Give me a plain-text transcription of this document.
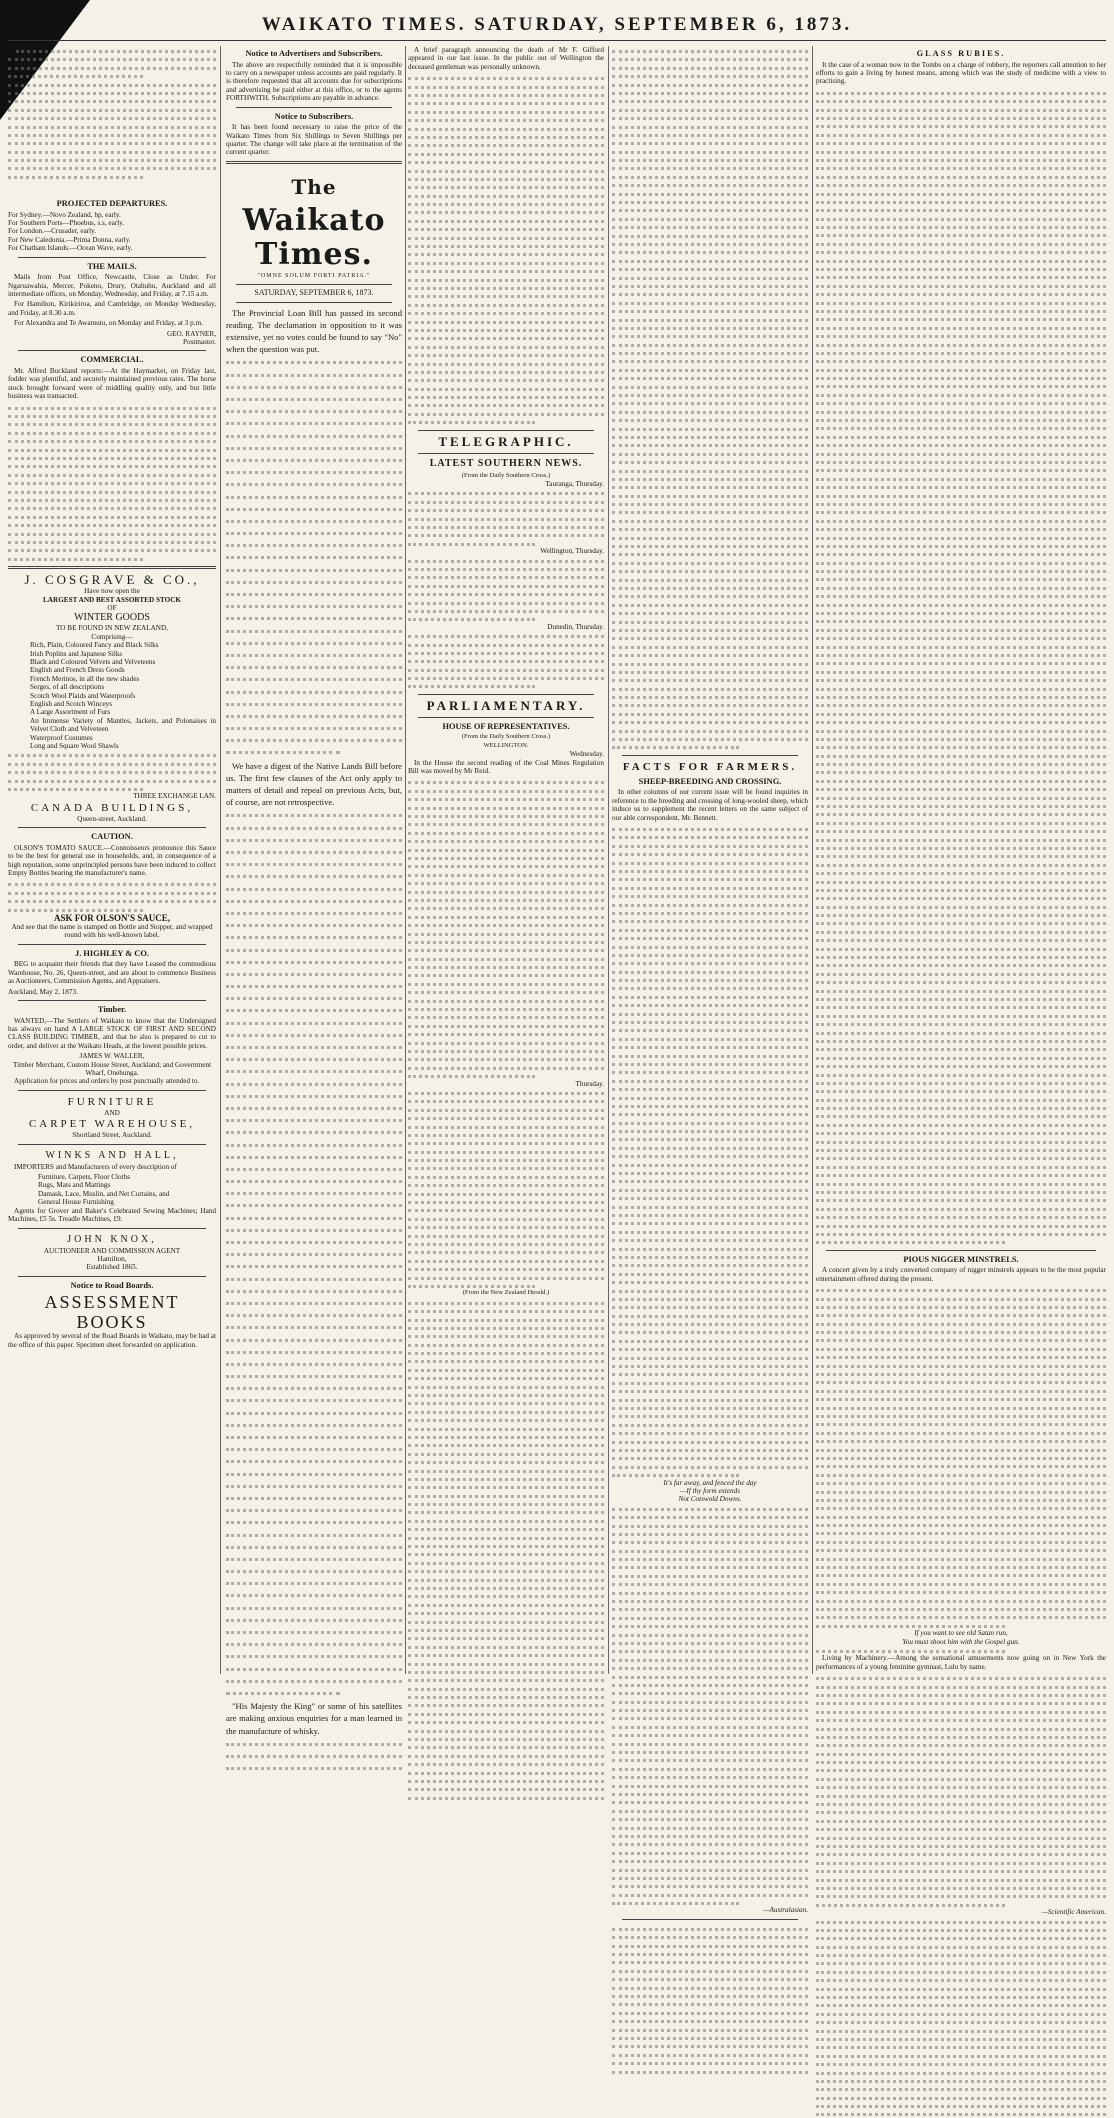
WAIKATO TIMES. SATURDAY, SEPTEMBER 6, 1873.
PROJECTED DEPARTURES.
For Sydney.—Novo Zealand, hp, early.
For Southern Ports—Phoebus, s.s, early.
For London.—Crusader, early.
For New Caledonia.—Prima Donna, early.
For Chatham Islands.—Ocean Wave, early.
THE MAILS.

Mails from Post Office, Newcastle, Close as Under. For Ngaruawahia, Mercer, Pokeno, Drury, Otahuhu, Auckland and all intermediate offices, on Monday, Wednesday, and Friday, at 7.15 a.m.

For Hamilton, Kirikiriroa, and Cambridge, on Monday Wednesday, and Friday, at 8.30 a.m.

For Alexandra and Te Awamutu, on Monday and Friday, at 3 p.m.

GEO. RAYNER,
Postmaster.
COMMERCIAL.

Mr. Alfred Buckland reports:—At the Haymarket, on Friday last, fodder was plentiful, and securely maintained previous rates. The horse stock brought forward were of middling quality only, and but little business was transacted.

J. COSGRAVE & CO.,
Have now open the
LARGEST AND BEST ASSORTED STOCK
OF
WINTER GOODS
TO BE FOUND IN NEW ZEALAND,
Comprising—
Rich, Plain, Coloured Fancy and Black Silks
Irish Poplins and Japanese Silks
Black and Coloured Velvets and Velveteens
English and French Dress Goods
French Merinos, in all the new shades
Serges, of all descriptions
Scotch Wool Plaids and Waterproofs
English and Scotch Winceys
A Large Assortment of Furs
An Immense Variety of Mantles, Jackets, and Polonaises in Velvet Cloth and Velveteen
Waterproof Costumes
Long and Square Wool Shawls
THREE EXCHANGE LAN.
CANADA BUILDINGS,
Queen-street, Auckland.
CAUTION.

OLSON'S TOMATO SAUCE.—Connoisseurs pronounce this Sauce to be the best for general use in households, and, in consequence of a high reputation, some unprincipled persons have been induced to collect Empty Bottles bearing the manufacturer's name.

ASK FOR OLSON'S SAUCE,
And see that the name is stamped on Bottle and Stopper, and wrapped round with his well-known label.
J. HIGHLEY & CO.

BEG to acquaint their friends that they have Leased the commodious Warehouse, No. 26, Queen-street, and are about to commence Business as Auctioneers, Commission Agents, and Appraisers.

Auckland, May 2, 1873.
Timber.

WANTED,—The Settlers of Waikato to know that the Undersigned has always on hand A LARGE STOCK OF FIRST AND SECOND CLASS BUILDING TIMBER, and that he also is prepared to cut to order, and deliver at the Waikato Heads, at the lowest possible prices.

JAMES W. WALLER,
Timber Merchant, Custom House Street, Auckland; and Government Wharf, Onehunga.

Application for prices and orders by post punctually attended to.

FURNITURE
AND
CARPET WAREHOUSE,
Shortland Street, Auckland.
WINKS AND HALL,

IMPORTERS and Manufacturers of every description of

Furniture, Carpets, Floor Cloths
Rugs, Mats and Mattings
Damask, Lace, Muslin, and Net Curtains, and
General House Furnishing

Agents for Grover and Baker's Celebrated Sewing Machines; Hand Machines, £5 5s. Treadle Machines, £9.

JOHN KNOX,
AUCTIONEER AND COMMISSION AGENT
Hamilton,
Established 1865.
Notice to Road Boards.
ASSESSMENT BOOKS

As approved by several of the Road Boards in Waikato, may be had at the office of this paper. Specimen sheet forwarded on application.

Notice to Advertisers and Subscribers.

The above are respectfully reminded that it is impossible to carry on a newspaper unless accounts are paid regularly. It is therefore requested that all accounts due for subscriptions and advertising be paid either at this office, or to the agents FORTHWITH. Subscriptions are payable in advance.

Notice to Subscribers.

It has been found necessary to raise the price of the Waikato Times from Six Shillings to Seven Shillings per quarter. The change will take place at the termination of the current quarter.

The Waikato Times.
"OMNE SOLUM FORTI PATRIA."
SATURDAY, SEPTEMBER 6, 1873.

The Provincial Loan Bill has passed its second reading. The declamation in opposition to it was extensive, yet no votes could be found to say "No" when the question was put.

We have a digest of the Native Lands Bill before us. The first few clauses of the Act only apply to matters of detail and repeal on previous Acts, but, of course, are not retrospective.

"His Majesty the King" or some of his satellites are making anxious enquiries for a man learned in the manufacture of whisky.

A brief paragraph announcing the death of Mr F. Gifford appeared in our last issue. In the public out of Wellington the deceased gentleman was personally unknown.

TELEGRAPHIC.
LATEST SOUTHERN NEWS.
(From the Daily Southern Cross.)
Tauranga, Thursday.
Wellington, Thursday.
Dunedin, Thursday.
PARLIAMENTARY.
HOUSE OF REPRESENTATIVES.
(From the Daily Southern Cross.)
WELLINGTON.
Wednesday.

In the House the second reading of the Coal Mines Regulation Bill was moved by Mr Reid.

Thursday.
(From the New Zealand Herald.)
FACTS FOR FARMERS.
SHEEP-BREEDING AND CROSSING.

In other columns of our current issue will be found inquiries in reference to the breeding and crossing of long-wooled sheep, which induce us to supplement the recent letters on the same subject of our able correspondent, Mr. Bennett.

It's far away, and fenced the day
—If thy form extends
Not Cotswold Downs.
—Australasian.
GLASS RUBIES.

It the case of a woman now in the Tombs on a charge of robbery, the reporters call attention to her efforts to gain a living by honest means, among which was the study of medicine with a view to practising.

PIOUS NIGGER MINSTRELS.

A concert given by a truly converted company of nigger minstrels appears to be the most popular entertainment offered during the present.

If you want to see old Satan run,
You must shoot him with the Gospel gun.

Living by Machinery.—Among the sensational amusements now going on in New York the performances of a young feminine gymnast, Lulu by name.

—Scientific American.
